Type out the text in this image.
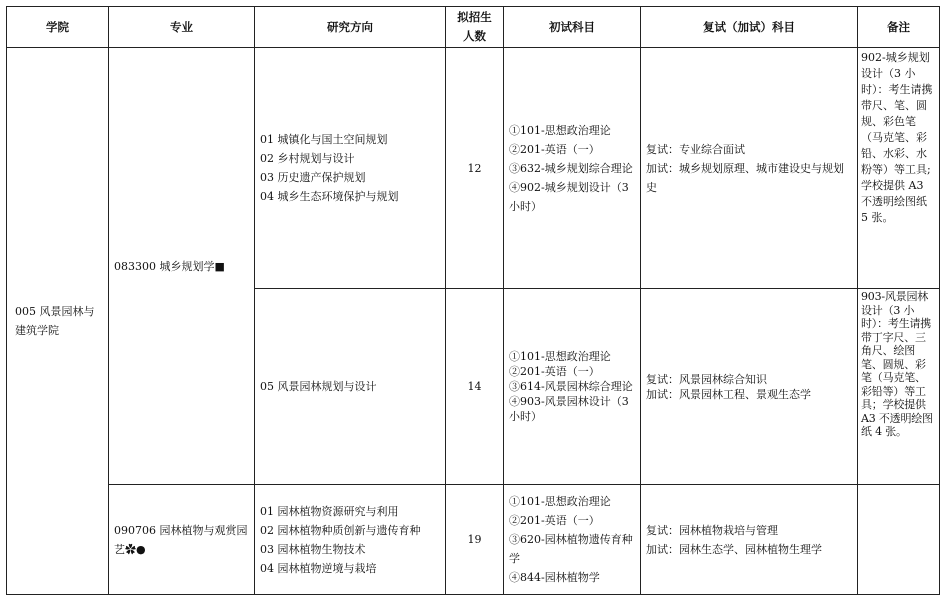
学院	专业	研究方向	拟招生人数	初试科目	复试（加试）科目	备注

005 风景园林与建筑学院	083300 城乡规划学■	01 城镇化与国土空间规划
02 乡村规划与设计
03 历史遗产保护规划
04 城乡生态环境保护与规划	12	①101-思想政治理论
②201-英语（一）
③632-城乡规划综合理论
④902-城乡规划设计（3 小时）	复试：专业综合面试
加试：城乡规划原理、城市建设史与规划史	902-城乡规划设计（3 小时）：考生请携带尺、笔、圆规、彩色笔（马克笔、彩铅、水彩、水粉等）等工具;学校提供 A3 不透明绘图纸 5 张。

		05 风景园林规划与设计	14	①101-思想政治理论
②201-英语（一）
③614-风景园林综合理论
④903-风景园林设计（3 小时）	复试：风景园林综合知识
加试：风景园林工程、景观生态学	903-风景园林设计（3 小时）：考生请携带丁字尺、三角尺、绘图笔、圆规、彩笔（马克笔、彩铅等）等工具；学校提供 A3 不透明绘图纸 4 张。

	090706 园林植物与观赏园艺✿●	01 园林植物资源研究与利用
02 园林植物种质创新与遗传育种
03 园林植物生物技术
04 园林植物逆境与栽培	19	①101-思想政治理论
②201-英语（一）
③620-园林植物遗传育种学
④844-园林植物学	复试：园林植物栽培与管理
加试：园林生态学、园林植物生理学	
